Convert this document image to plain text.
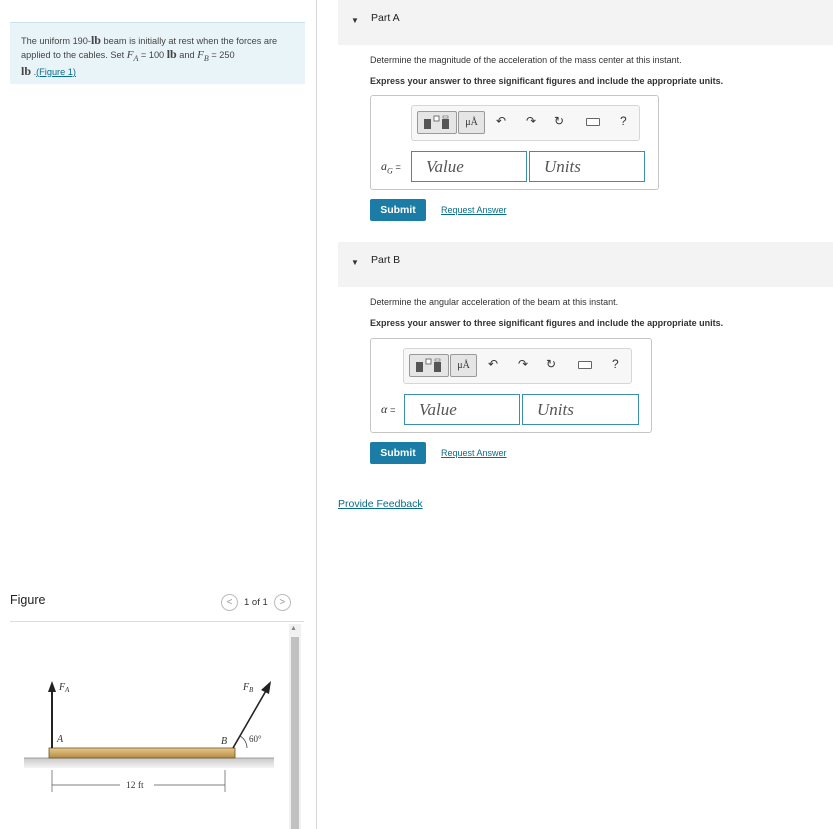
The uniform 190-lb beam is initially at rest when the forces are applied to the cables. Set $F_A = 100$ lb and $F_B = 250$
lb .(Figure 1)
Figure	<	1 of 1	>
▲
F A
A
F B
B 60°
12 ft
▼ Part A
Determine the magnitude of the acceleration of the mass center at this instant.
Express your answer to three significant figures and include the appropriate units.
μÅ	↶ ↷ ↻	?
$a_G$ =	Value	Units
Submit	Request Answer
▼ Part B
Determine the angular acceleration of the beam at this instant.
Express your answer to three significant figures and include the appropriate units.
μÅ	↶ ↷ ↻	?
α =	Value	Units
Submit	Request Answer
Provide Feedback
